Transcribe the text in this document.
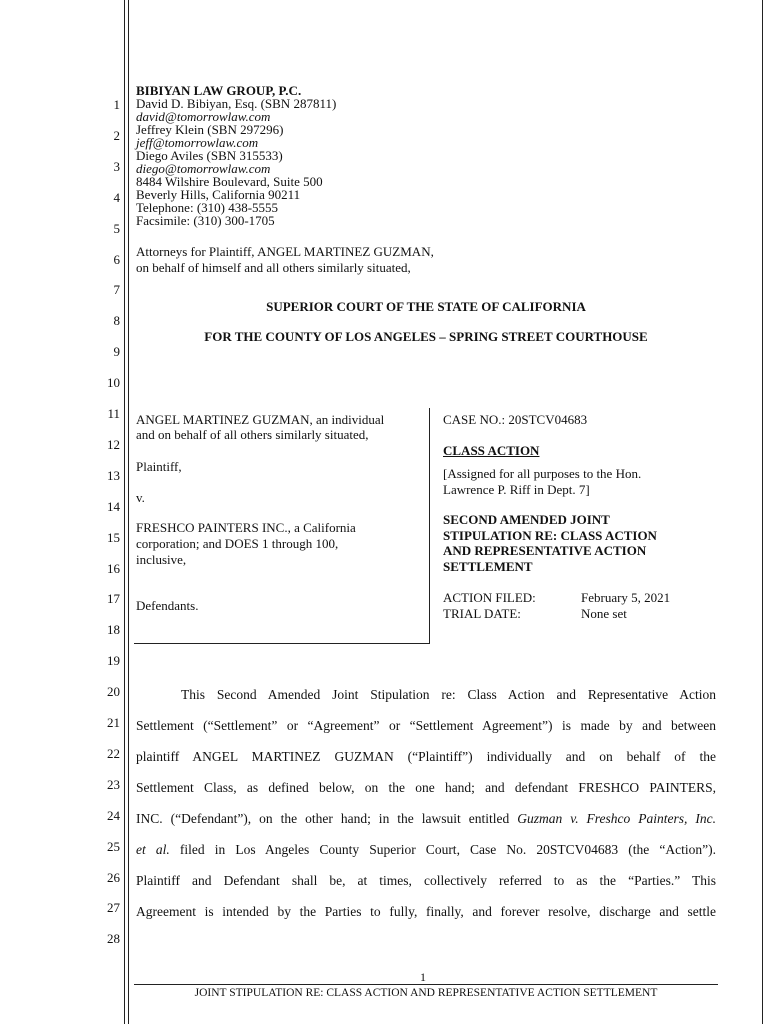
1
2
3
4
5
6
7
8
9
10
11
12
13
14
15
16
17
18
19
20
21
22
23
24
25
26
27
28
BIBIYAN LAW GROUP, P.C.
David D. Bibiyan, Esq. (SBN 287811)
david@tomorrowlaw.com
Jeffrey Klein (SBN 297296)
jeff@tomorrowlaw.com
Diego Aviles (SBN 315533)
diego@tomorrowlaw.com
8484 Wilshire Boulevard, Suite 500
Beverly Hills, California 90211
Telephone: (310) 438-5555
Facsimile: (310) 300-1705
Attorneys for Plaintiff, ANGEL MARTINEZ GUZMAN,
on behalf of himself and all others similarly situated,
SUPERIOR COURT OF THE STATE OF CALIFORNIA
FOR THE COUNTY OF LOS ANGELES – SPRING STREET COURTHOUSE
ANGEL MARTINEZ GUZMAN, an individual
and on behalf of all others similarly situated,
Plaintiff,
v.
FRESHCO PAINTERS INC., a California
corporation; and DOES 1 through 100,
inclusive,
Defendants.
CASE NO.: 20STCV04683
CLASS ACTION
[Assigned for all purposes to the Hon.
Lawrence P. Riff in Dept. 7]
SECOND AMENDED JOINT
STIPULATION RE: CLASS ACTION
AND REPRESENTATIVE ACTION
SETTLEMENT
ACTION FILED:	February 5, 2021
TRIAL DATE:	None set
This Second Amended Joint Stipulation re: Class Action and Representative Action
Settlement (“Settlement” or “Agreement” or “Settlement Agreement”) is made by and between
plaintiff ANGEL MARTINEZ GUZMAN (“Plaintiff”) individually and on behalf of the
Settlement Class, as defined below, on the one hand; and defendant FRESHCO PAINTERS,
INC. (“Defendant”), on the other hand; in the lawsuit entitled Guzman v. Freshco Painters, Inc.
et al. filed in Los Angeles County Superior Court, Case No. 20STCV04683 (the “Action”).
Plaintiff and Defendant shall be, at times, collectively referred to as the “Parties.” This
Agreement is intended by the Parties to fully, finally, and forever resolve, discharge and settle
1
JOINT STIPULATION RE: CLASS ACTION AND REPRESENTATIVE ACTION SETTLEMENT
